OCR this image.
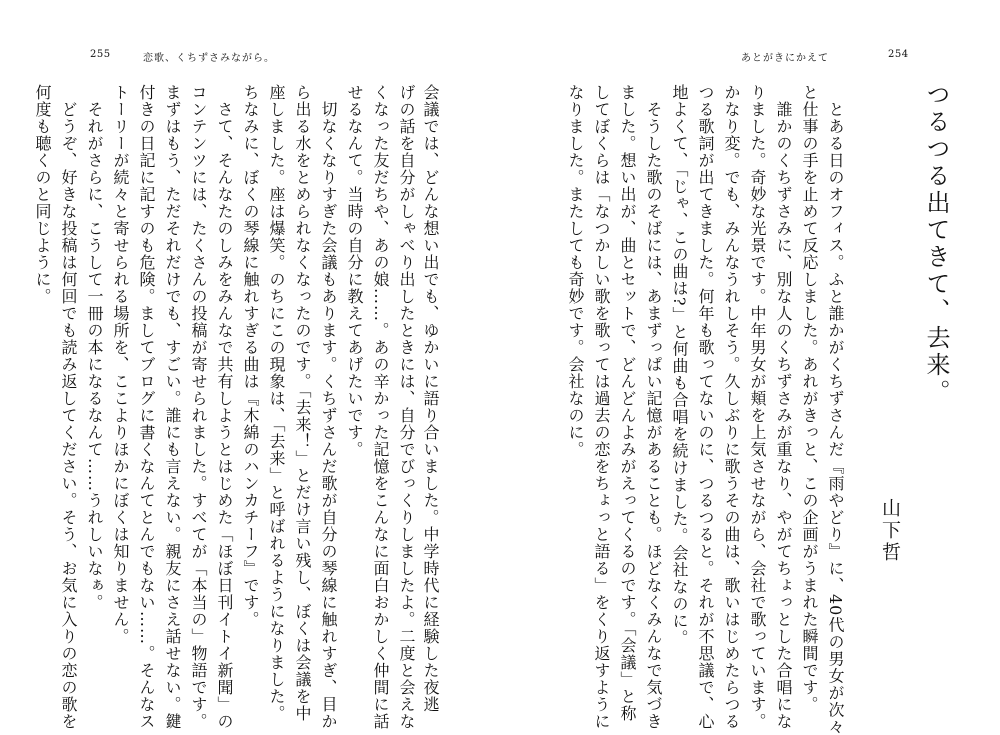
255	恋歌、くちずさみながら。
会議では、どんな想い出でも、ゆかいに語り合いました。中学時代に経験した夜逃
げの話を自分がしゃべり出したときには、自分でびっくりしましたよ。二度と会えな
くなった友だちや、あの娘……。あの辛かった記憶をこんなに面白おかしく仲間に話
せるなんて。当時の自分に教えてあげたいです。
　切なくなりすぎた会議もあります。くちずさんだ歌が自分の琴線に触れすぎ、目か
ら出る水をとめられなくなったのです。「去来！」とだけ言い残し、ぼくは会議を中
座しました。座は爆笑。のちにこの現象は、「去来」と呼ばれるようになりました。
ちなみに、ぼくの琴線に触れすぎる曲は『木綿のハンカチーフ』です。
　さて、そんなたのしみをみんなで共有しようとはじめた「ほぼ日刊イトイ新聞」の
コンテンツには、たくさんの投稿が寄せられました。すべてが「本当の」物語です。
まずはもう、ただそれだけでも、すごい。誰にも言えない。親友にさえ話せない。鍵
付きの日記に記すのも危険。ましてブログに書くなんてとんでもない……。そんなス
トーリーが続々と寄せられる場所を、ここよりほかにぼくは知りません。
　それがさらに、こうして一冊の本になるなんて……うれしいなぁ。
　どうぞ、好きな投稿は何回でも読み返してください。そう、お気に入りの恋の歌を
何度も聴くのと同じように。
あとがきにかえて	254
つるつる出てきて、去来。
山下哲
　とある日のオフィス。ふと誰かがくちずさんだ『雨やどり』に、40代の男女が次々
と仕事の手を止めて反応しました。あれがきっと、この企画がうまれた瞬間です。
　誰かのくちずさみに、別な人のくちずさみが重なり、やがてちょっとした合唱にな
りました。奇妙な光景です。中年男女が頬を上気させながら、会社で歌っています。
かなり変。でも、みんなうれしそう。久しぶりに歌うその曲は、歌いはじめたらつる
つる歌詞が出てきました。何年も歌ってないのに、つるつると。それが不思議で、心
地よくて、「じゃ、この曲は?」と何曲も合唱を続けました。会社なのに。
　そうした歌のそばには、あまずっぱい記憶があることも。ほどなくみんなで気づき
ました。想い出が、曲とセットで、どんどんよみがえってくるのです。「会議」と称
してぼくらは「なつかしい歌を歌っては過去の恋をちょっと語る」をくり返すように
なりました。またしても奇妙です。会社なのに。
